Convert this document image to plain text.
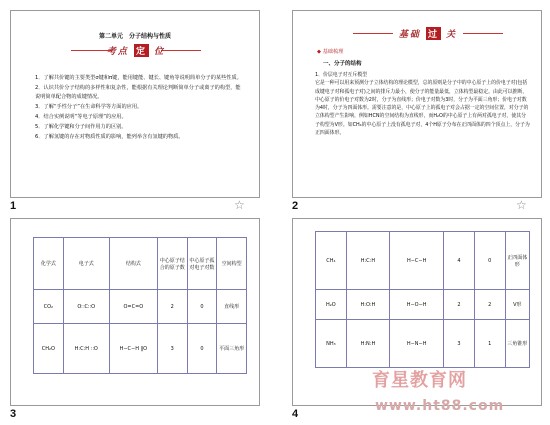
第二单元　分子结构与性质
考点 定 位
1．了解共价键的主要类型σ键和π键，能用键能、键长、键角等说明简单分子的某些性质。
2．认识共价分子结构的多样性和复杂性，能根据有关理论判断简单分子或离子的构型，能说明简单配合物的成键情况。
3．了解“手性分子”在生命科学等方面的应用。
4．结合实例说明“等电子原理”的应用。
5．了解化学键和分子间作用力的区别。
6．了解氢键的存在对物质性质的影响，能列举含有氢键的物质。
1	☆
基础 过 关
◆ 基础梳理
一、分子的结构
1．价层电子对互斥模型
它是一种可以用来预测分子立体结构的理论模型，总的原则是分子中的中心原子上的价电子对(包括成键电子对和孤电子对)之间的排斥力最小，使分子的能量最低，立体构型最稳定。由此可以推断，中心原子的价电子对数为2时，分子为直线形；价电子对数为3时，分子为平面三角形；价电子对数为4时，分子为四面体形。需要注意的是，中心原子上的孤电子对会占据一定的空间位置，对分子的立体构型产生影响，例如HCN的空间结构为直线形，而H₂O的中心原子上有两对孤电子对，使其分子构型为V形。如CH₄的中心原子上没有孤电子对，4个H原子分布在正四面体的四个顶点上，分子为正四面体形。
2	☆
化学式	电子式	结构式	中心原子结合的原子数	中心原子孤对电子对数	空间构型
CO₂	O∷C∷O	O=C=O	2	0	直线形
CH₂O	H:C:H ∷O	H−C−H ‖O	3	0	平面三角形
3
CH₄	H:C:H	H−C−H	4	0	正四面体形
H₂O	H:O:H	H−O−H	2	2	V形
NH₃	H:N:H	H−N−H	3	1	三角锥形
4
育星教育网
www.ht88.com
